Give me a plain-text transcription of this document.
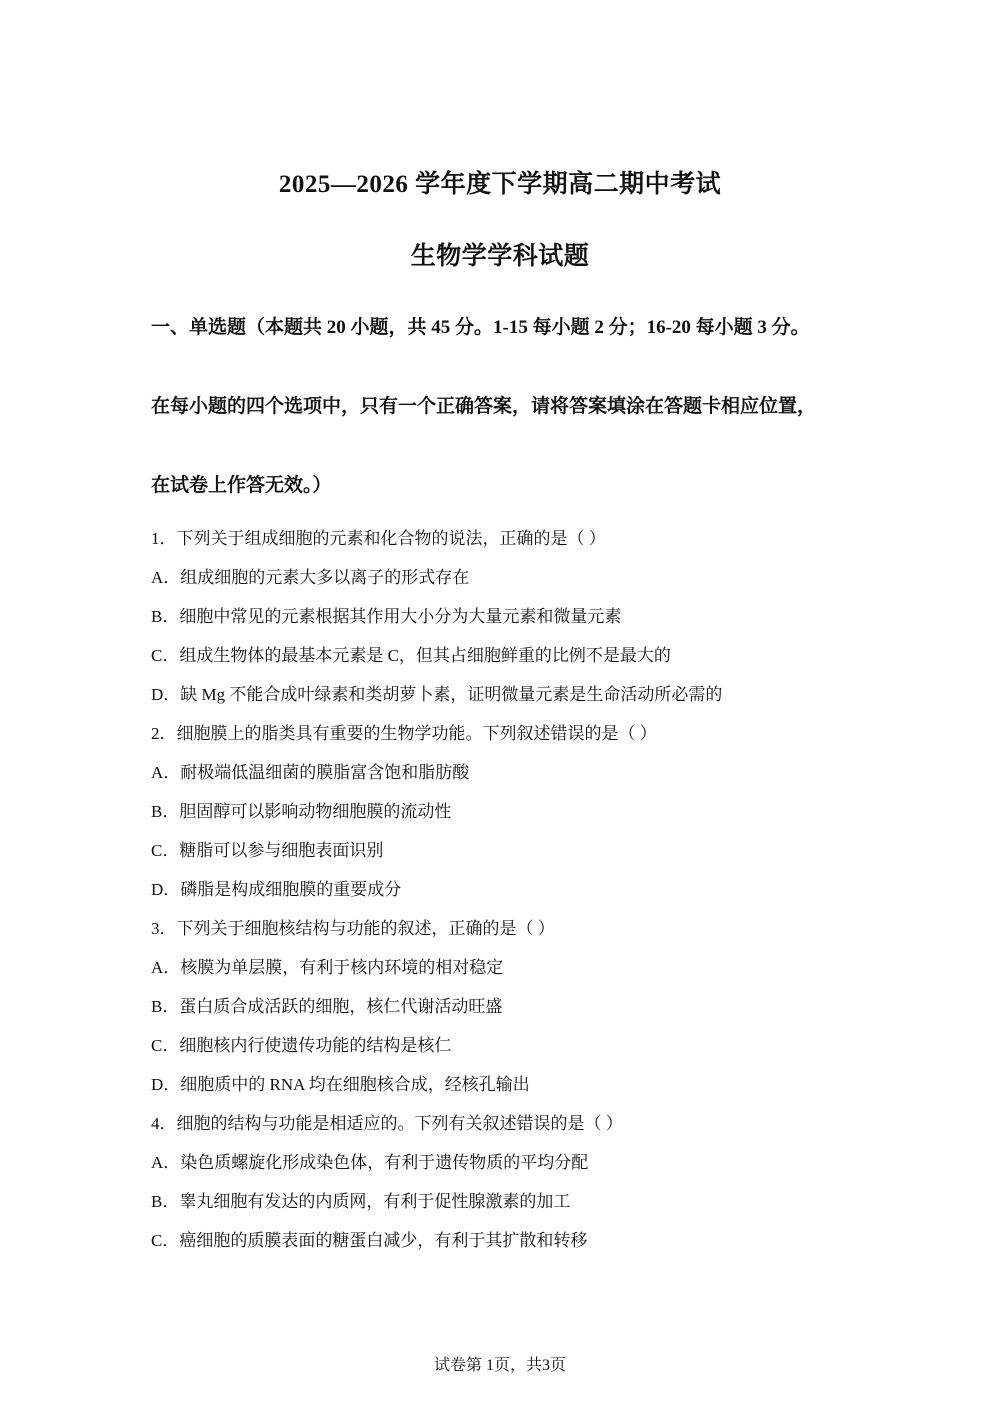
2025—2026 学年度下学期高二期中考试
生物学学科试题
一、单选题（本题共 20 小题，共 45 分。1-15 每小题 2 分；16-20 每小题 3 分。
在每小题的四个选项中，只有一个正确答案，请将答案填涂在答题卡相应位置，
在试卷上作答无效。）
1．下列关于组成细胞的元素和化合物的说法，正确的是（ ）
A．组成细胞的元素大多以离子的形式存在
B．细胞中常见的元素根据其作用大小分为大量元素和微量元素
C．组成生物体的最基本元素是 C，但其占细胞鲜重的比例不是最大的
D．缺 Mg 不能合成叶绿素和类胡萝卜素，证明微量元素是生命活动所必需的
2．细胞膜上的脂类具有重要的生物学功能。下列叙述错误的是（ ）
A．耐极端低温细菌的膜脂富含饱和脂肪酸
B．胆固醇可以影响动物细胞膜的流动性
C．糖脂可以参与细胞表面识别
D．磷脂是构成细胞膜的重要成分
3．下列关于细胞核结构与功能的叙述，正确的是（ ）
A．核膜为单层膜，有利于核内环境的相对稳定
B．蛋白质合成活跃的细胞，核仁代谢活动旺盛
C．细胞核内行使遗传功能的结构是核仁
D．细胞质中的 RNA 均在细胞核合成，经核孔输出
4．细胞的结构与功能是相适应的。下列有关叙述错误的是（ ）
A．染色质螺旋化形成染色体，有利于遗传物质的平均分配
B．睾丸细胞有发达的内质网，有利于促性腺激素的加工
C．癌细胞的质膜表面的糖蛋白减少，有利于其扩散和转移
试卷第 1页，共3页
